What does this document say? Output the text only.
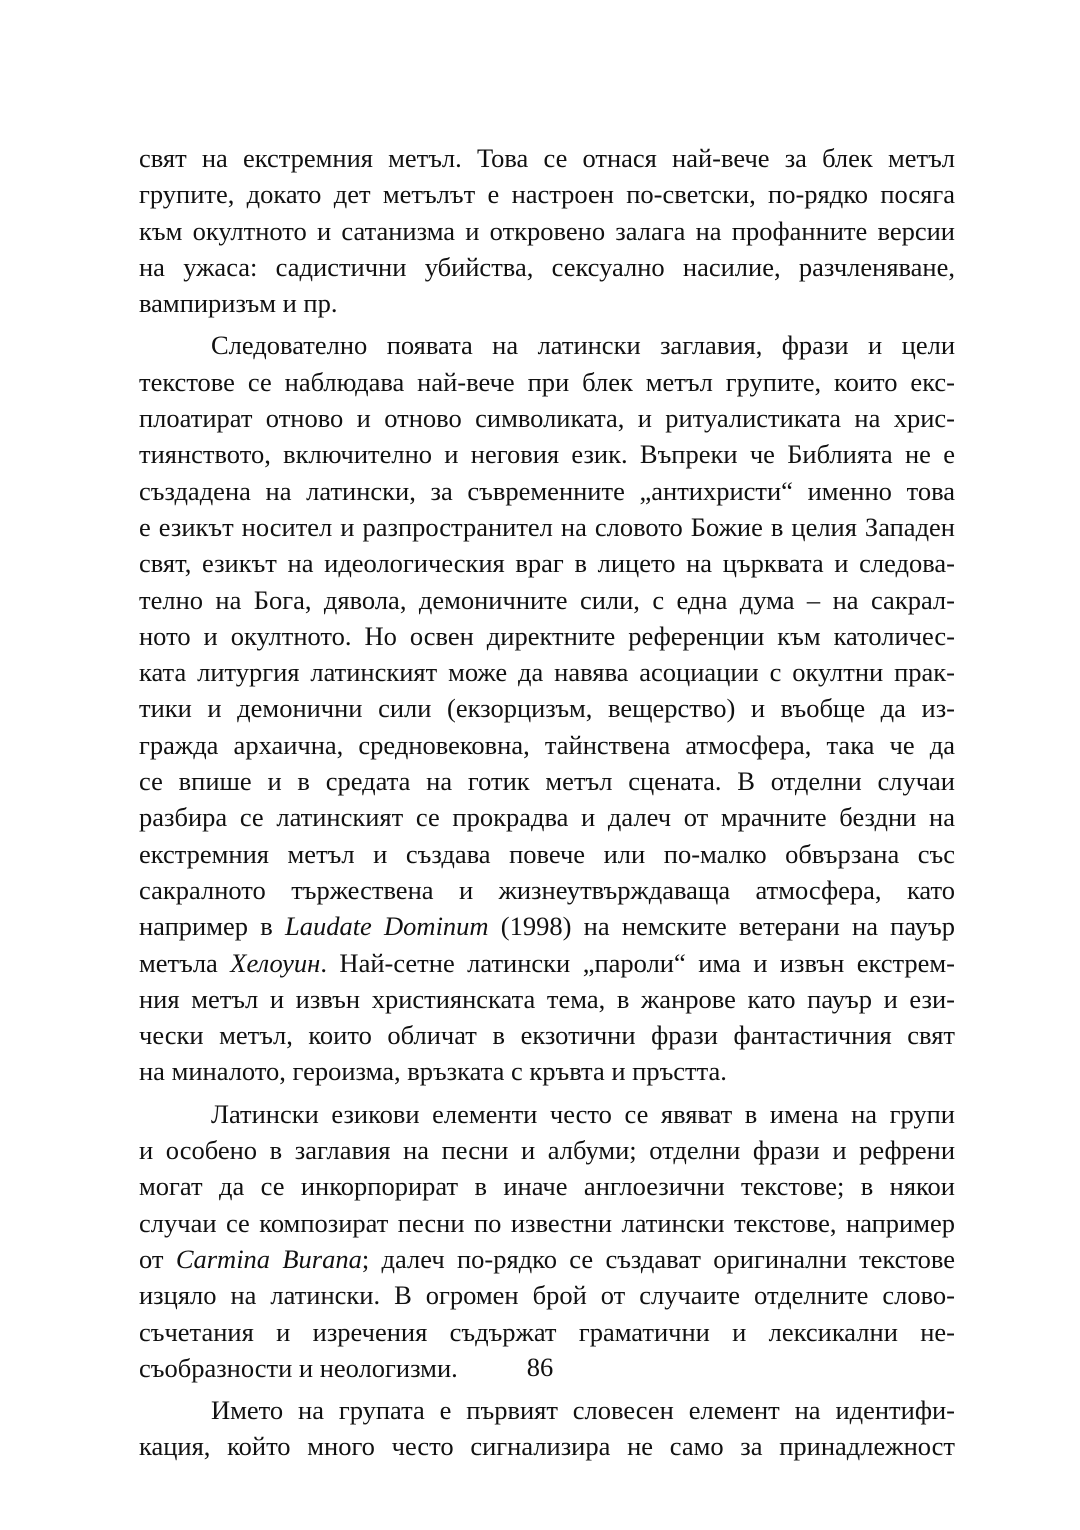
свят на екстремния метъл. Това се отнася най-вече за блек метъл
групите, докато дет метълът е настроен по-светски, по-рядко посяга
към окултното и сатанизма и откровено залага на профанните версии
на ужаса: садистични убийства, сексуално насилие, разчленяване,
вампиризъм и пр.
Следователно появата на латински заглавия, фрази и цели
текстове се наблюдава най-вече при блек метъл групите, които екс-
плоатират отново и отново символиката, и ритуалистиката на хрис-
тиянството, включително и неговия език. Въпреки че Библията не е
създадена на латински, за съвременните „антихристи“ именно това
е езикът носител и разпространител на словото Божие в целия Западен
свят, езикът на идеологическия враг в лицето на църквата и следова-
телно на Бога, дявола, демоничните сили, с една дума – на сакрал-
ното и окултното. Но освен директните референции към католичес-
ката литургия латинският може да навява асоциации с окултни прак-
тики и демонични сили (екзорцизъм, вещерство) и въобще да из-
гражда архаична, средновековна, тайнствена атмосфера, така че да
се впише и в средата на готик метъл сцената. В отделни случаи
разбира се латинският се прокрадва и далеч от мрачните бездни на
екстремния метъл и създава повече или по-малко обвързана със
сакралното тържествена и жизнеутвърждаваща атмосфера, като
например в Laudate Dominum (1998) на немските ветерани на пауър
метъла Хелоуин. Най-сетне латински „пароли“ има и извън екстрем-
ния метъл и извън християнската тема, в жанрове като пауър и ези-
чески метъл, които обличат в екзотични фрази фантастичния свят
на миналото, героизма, връзката с кръвта и пръстта.
Латински езикови елементи често се явяват в имена на групи
и особено в заглавия на песни и албуми; отделни фрази и рефрени
могат да се инкорпорират в иначе англоезични текстове; в някои
случаи се композират песни по известни латински текстове, например
от Carmina Burana; далеч по-рядко се създават оригинални текстове
изцяло на латински. В огромен брой от случаите отделните слово-
съчетания и изречения съдържат граматични и лексикални не-
съобразности и неологизми.
Името на групата е първият словесен елемент на идентифи-
кация, който много често сигнализира не само за принадлежност
86
